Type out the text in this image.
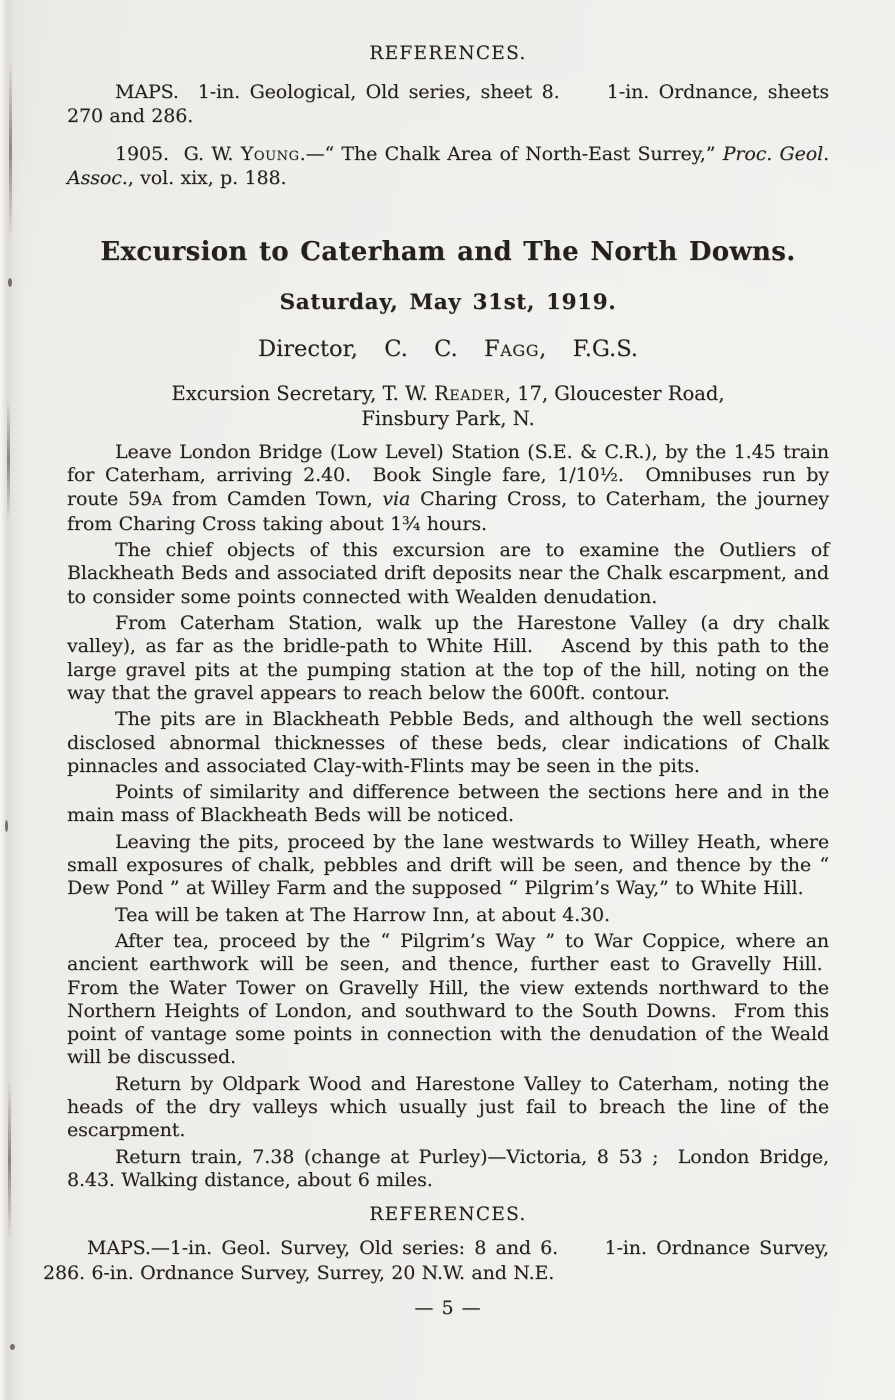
REFERENCES.

MAPS.  1-in. Geological, Old series, sheet 8.     1-in. Ordnance, sheets 270 and 286.

1905.  G. W. Young.—“ The Chalk Area of North-East Surrey,” Proc. Geol. Assoc., vol. xix, p. 188.

Excursion to Caterham and The North Downs.
Saturday, May 31st, 1919.
Director,  C.  C.  Fagg,  F.G.S.
Excursion Secretary, T. W. Reader, 17, Gloucester Road,
Finsbury Park, N.

Leave London Bridge (Low Level) Station (S.E. & C.R.), by the 1.45 train for Caterham, arriving 2.40.  Book Single fare, 1/10½.  Omnibuses run by route 59A from Camden Town, via Charing Cross, to Caterham, the journey from Charing Cross taking about 1¾ hours.

The chief objects of this excursion are to examine the Outliers of Blackheath Beds and associated drift deposits near the Chalk escarpment, and to consider some points connected with Wealden denudation.

From Caterham Station, walk up the Harestone Valley (a dry chalk valley), as far as the bridle-path to White Hill.   Ascend by this path to the large gravel pits at the pumping station at the top of the hill, noting on the way that the gravel appears to reach below the 600ft. contour.

The pits are in Blackheath Pebble Beds, and although the well sections disclosed abnormal thicknesses of these beds, clear indications of Chalk pinnacles and associated Clay-with-Flints may be seen in the pits.

Points of similarity and difference between the sections here and in the main mass of Blackheath Beds will be noticed.

Leaving the pits, proceed by the lane westwards to Willey Heath, where small exposures of chalk, pebbles and drift will be seen, and thence by the “ Dew Pond ” at Willey Farm and the supposed “ Pilgrim’s Way,” to White Hill.

Tea will be taken at The Harrow Inn, at about 4.30.

After tea, proceed by the “ Pilgrim’s Way ” to War Coppice, where an ancient earthwork will be seen, and thence, further east to Gravelly Hill.  From the Water Tower on Gravelly Hill, the view extends northward to the Northern Heights of London, and southward to the South Downs.  From this point of vantage some points in connection with the denudation of the Weald will be discussed.

Return by Oldpark Wood and Harestone Valley to Caterham, noting the heads of the dry valleys which usually just fail to breach the line of the escarpment.

Return train, 7.38 (change at Purley)—Victoria, 8 53 ;  London Bridge, 8.43. Walking distance, about 6 miles.

REFERENCES.

MAPS.—1-in. Geol. Survey, Old series: 8 and 6.     1-in. Ordnance Survey, 286. 6-in. Ordnance Survey, Surrey, 20 N.W. and N.E.

— 5 —
